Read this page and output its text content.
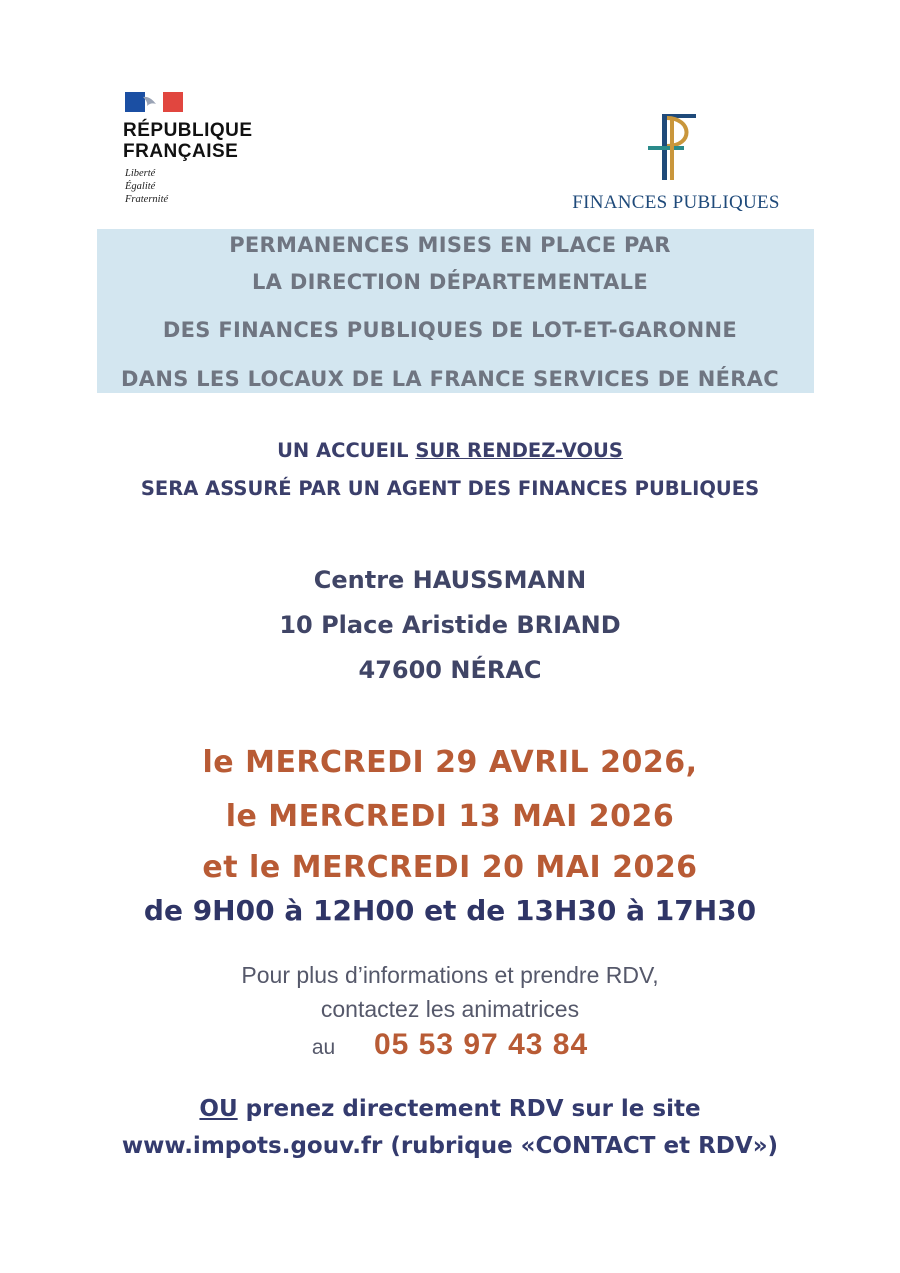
RÉPUBLIQUE
FRANÇAISE
Liberté
Égalité
Fraternité	FINANCES PUBLIQUES
PERMANENCES MISES EN PLACE PAR
LA DIRECTION DÉPARTEMENTALE
DES FINANCES PUBLIQUES DE LOT-ET-GARONNE
DANS LES LOCAUX DE LA FRANCE SERVICES DE NÉRAC
UN ACCUEIL SUR RENDEZ-VOUS
SERA ASSURÉ PAR UN AGENT DES FINANCES PUBLIQUES
Centre HAUSSMANN
10 Place Aristide BRIAND
47600 NÉRAC
le MERCREDI 29 AVRIL 2026,
le MERCREDI 13 MAI 2026
et le MERCREDI 20 MAI 2026
de 9H00 à 12H00 et de 13H30 à 17H30
Pour plus d’informations et prendre RDV,
contactez les animatrices
au 05 53 97 43 84
OU prenez directement RDV sur le site
www.impots.gouv.fr (rubrique «CONTACT et RDV»)
